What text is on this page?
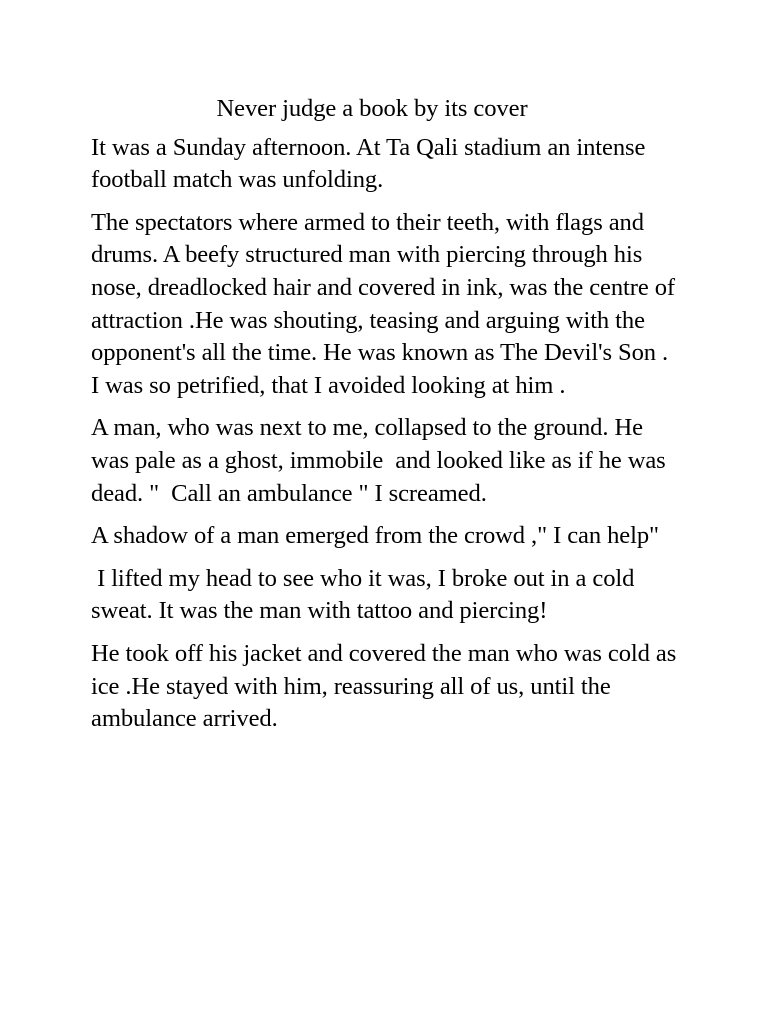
Never judge a book by its cover

It was a Sunday afternoon. At Ta Qali stadium an intense football match was unfolding.

The spectators where armed to their teeth, with flags and drums. A beefy structured man with piercing through his nose, dreadlocked hair and covered in ink, was the centre of attraction .He was shouting, teasing and arguing with the opponent's all the time. He was known as The Devil's Son . I was so petrified, that I avoided looking at him .

A man, who was next to me, collapsed to the ground. He was pale as a ghost, immobile  and looked like as if he was dead. "  Call an ambulance " I screamed.

A shadow of a man emerged from the crowd ," I can help"

I lifted my head to see who it was, I broke out in a cold sweat. It was the man with tattoo and piercing!

He took off his jacket and covered the man who was cold as ice .He stayed with him, reassuring all of us, until the ambulance arrived.
